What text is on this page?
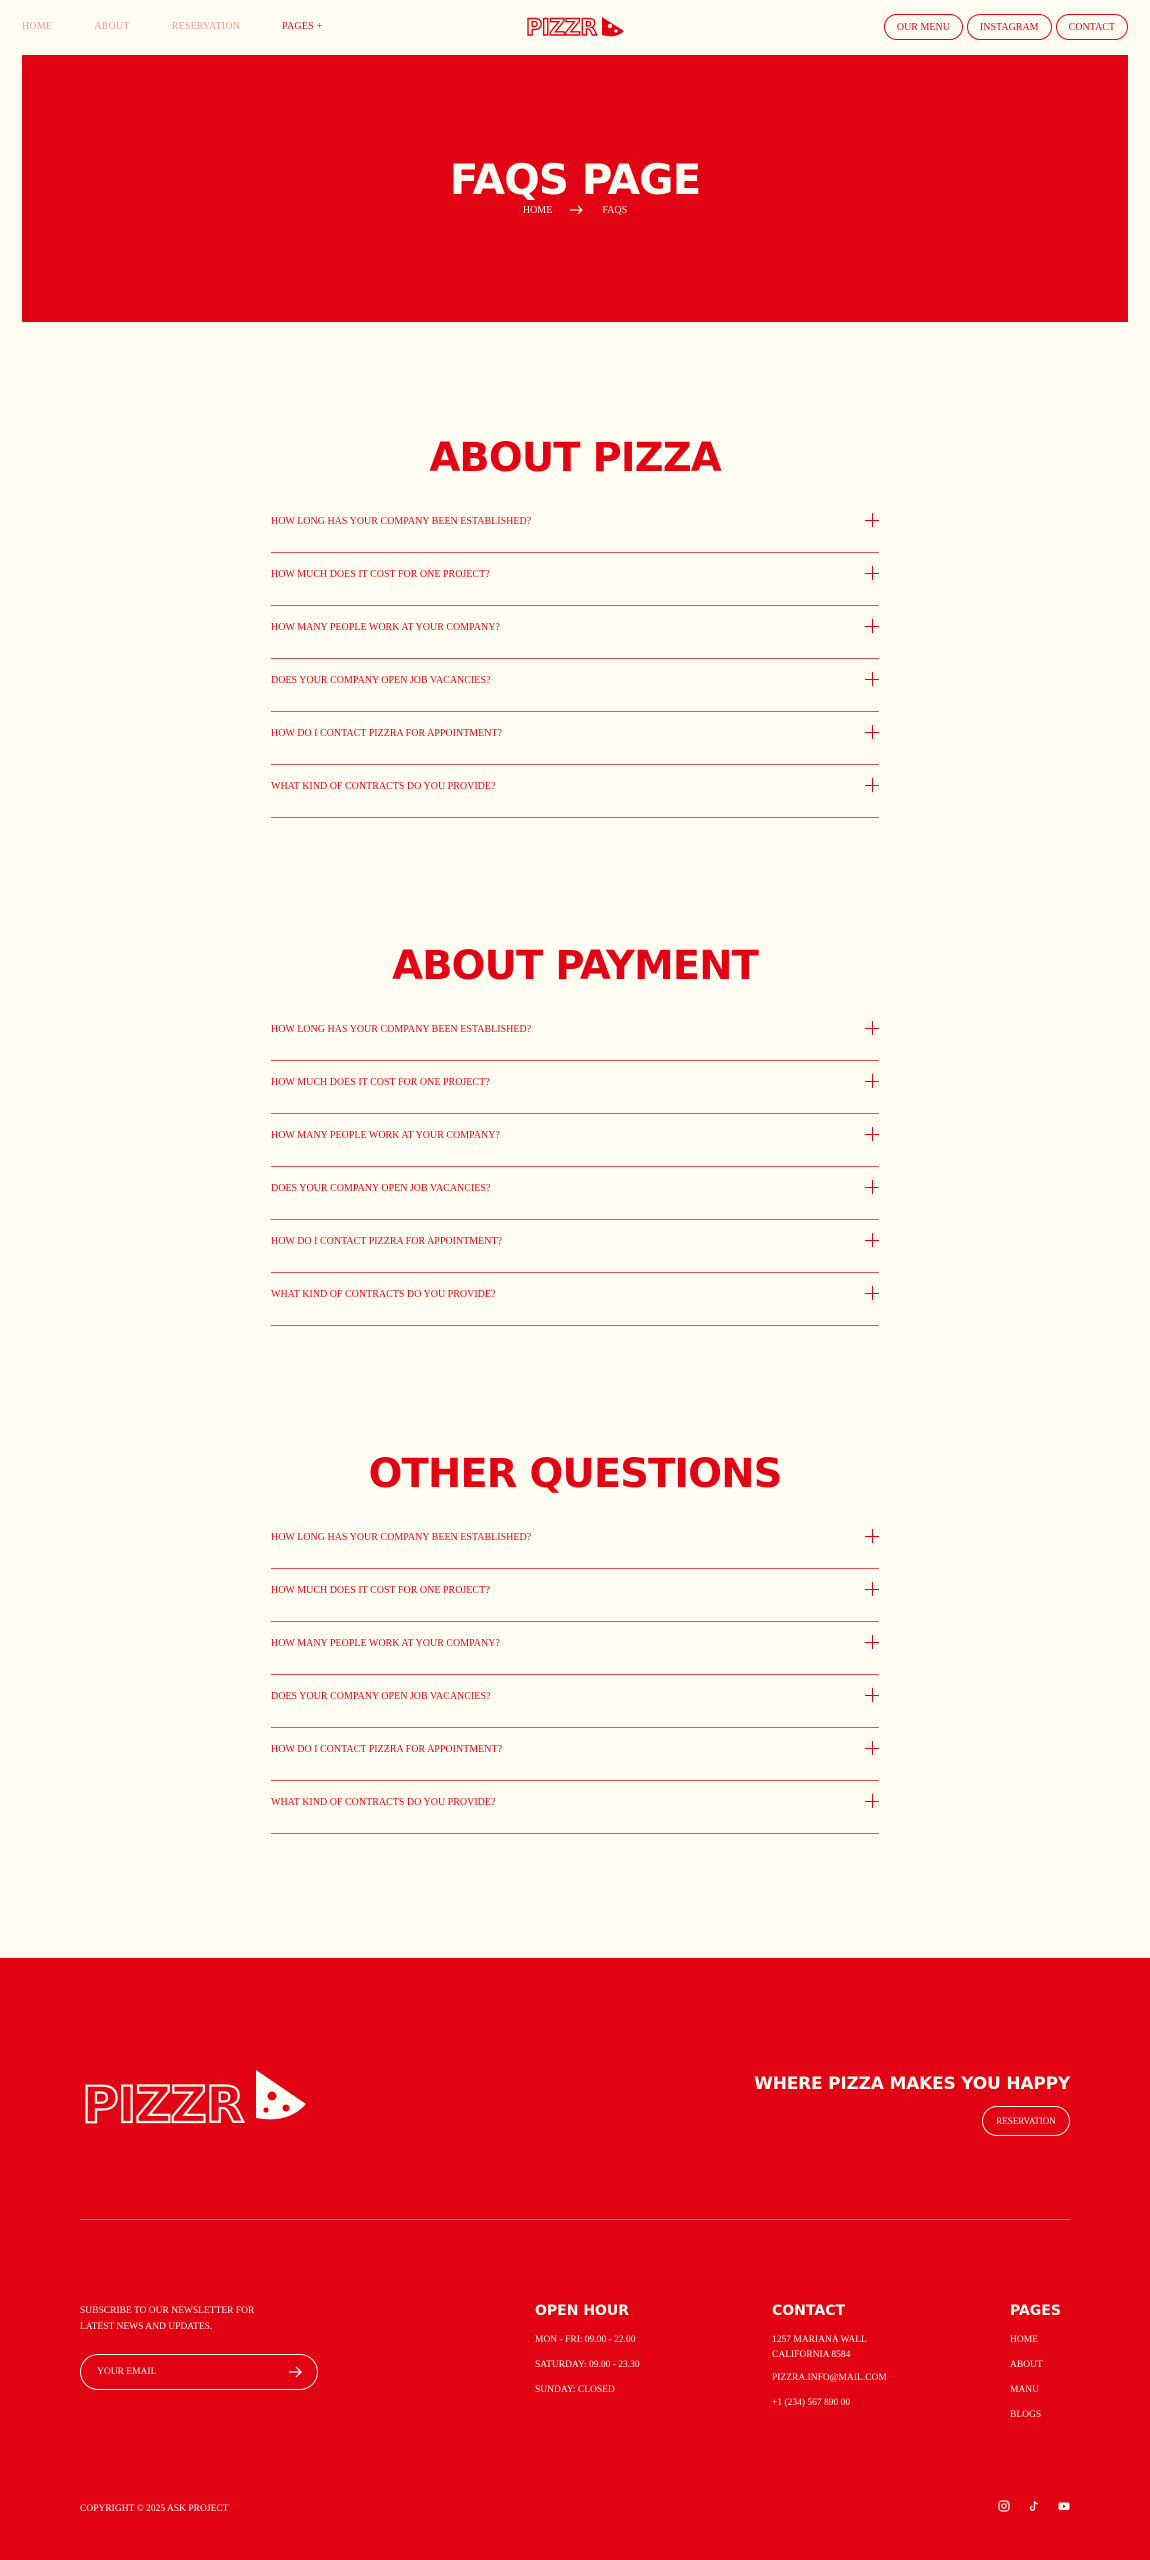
HOME	ABOUT	RESERVATION	PAGES +	PIZZR	OUR MENU	INSTAGRAM	CONTACT
FAQS PAGE
HOME	FAQS
ABOUT PIZZA
HOW LONG HAS YOUR COMPANY BEEN ESTABLISHED?
HOW MUCH DOES IT COST FOR ONE PROJECT?
HOW MANY PEOPLE WORK AT YOUR COMPANY?
DOES YOUR COMPANY OPEN JOB VACANCIES?
HOW DO I CONTACT PIZZRA FOR APPOINTMENT?
WHAT KIND OF CONTRACTS DO YOU PROVIDE?
ABOUT PAYMENT
HOW LONG HAS YOUR COMPANY BEEN ESTABLISHED?
HOW MUCH DOES IT COST FOR ONE PROJECT?
HOW MANY PEOPLE WORK AT YOUR COMPANY?
DOES YOUR COMPANY OPEN JOB VACANCIES?
HOW DO I CONTACT PIZZRA FOR APPOINTMENT?
WHAT KIND OF CONTRACTS DO YOU PROVIDE?
OTHER QUESTIONS
HOW LONG HAS YOUR COMPANY BEEN ESTABLISHED?
HOW MUCH DOES IT COST FOR ONE PROJECT?
HOW MANY PEOPLE WORK AT YOUR COMPANY?
DOES YOUR COMPANY OPEN JOB VACANCIES?
HOW DO I CONTACT PIZZRA FOR APPOINTMENT?
WHAT KIND OF CONTRACTS DO YOU PROVIDE?
PIZZR	WHERE PIZZA MAKES YOU HAPPY
RESERVATION
SUBSCRIBE TO OUR NEWSLETTER FOR LATEST NEWS AND UPDATES.
YOUR EMAIL
OPEN HOUR
MON - FRI: 09.00 - 22.00
SATURDAY: 09.00 - 23.30
SUNDAY: CLOSED
CONTACT
1257 MARIANA WALL CALIFORNIA 8584
PIZZRA.INFO@MAIL.COM
+1 (234) 567 890 00
PAGES
HOME
ABOUT
MANU
BLOGS
COPYRIGHT © 2025 ASK PROJECT
